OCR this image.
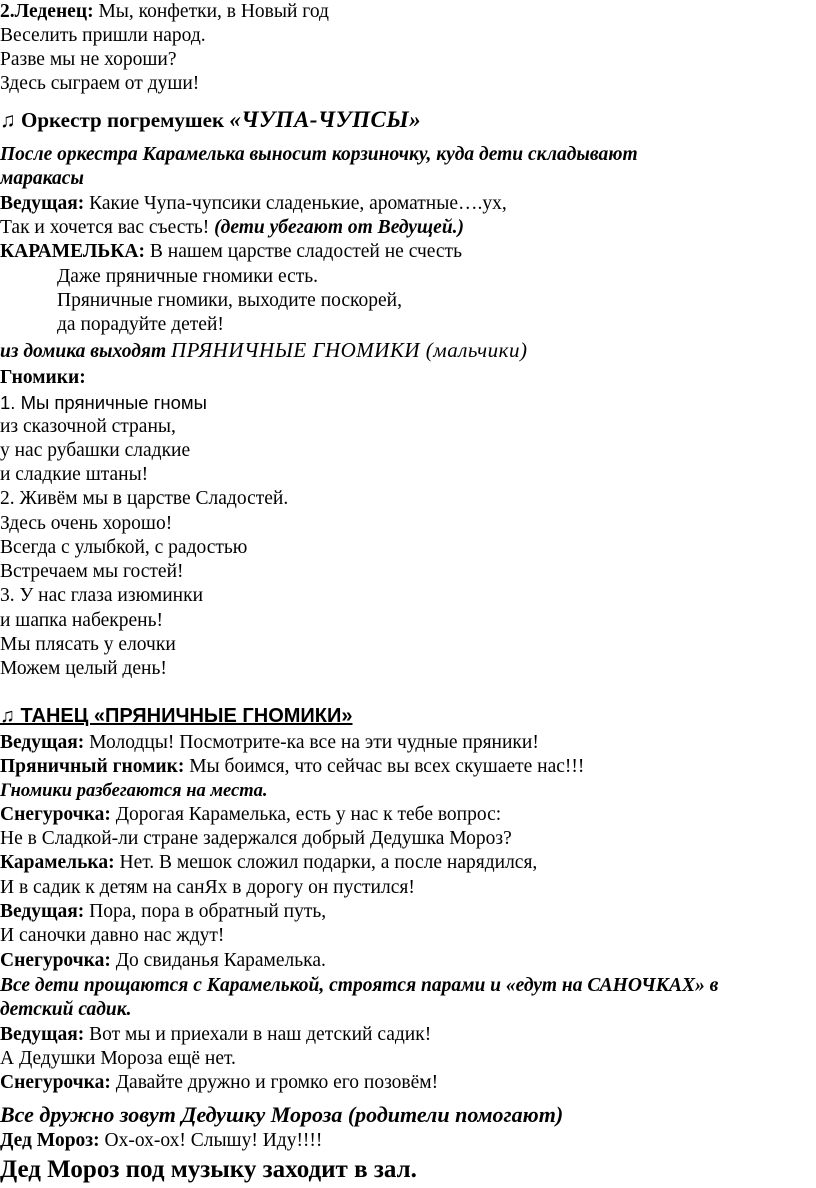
2.Леденец: Мы, конфетки, в Новый год
Веселить пришли народ.
Разве мы не хороши?
Здесь сыграем от души!
♫ Оркестр погремушек «ЧУПА-ЧУПСЫ»
После оркестра Карамелька выносит корзиночку, куда дети складывают
маракасы
Ведущая: Какие Чупа-чупсики сладенькие, ароматные….ух,
Так и хочется вас съесть! (дети убегают от Ведущей.)
КАРАМЕЛЬКА: В нашем царстве сладостей не счесть
Даже пряничные гномики есть.
Пряничные гномики, выходите поскорей,
да порадуйте детей!
из домика выходят ПРЯНИЧНЫЕ ГНОМИКИ (мальчики)
Гномики:
1. Мы пряничные гномы
из сказочной страны,
у нас рубашки сладкие
и сладкие штаны!
2. Живём мы в царстве Сладостей.
Здесь очень хорошо!
Всегда с улыбкой, с радостью
Встречаем мы гостей!
3. У нас глаза изюминки
и шапка набекрень!
Мы плясать у елочки
Можем целый день!
♫ ТАНЕЦ «ПРЯНИЧНЫЕ ГНОМИКИ»
Ведущая: Молодцы! Посмотрите-ка все на эти чудные пряники!
Пряничный гномик: Мы боимся, что сейчас вы всех скушаете нас!!!
Гномики разбегаются на места.
Снегурочка: Дорогая Карамелька, есть у нас к тебе вопрос:
Не в Сладкой-ли стране задержался добрый Дедушка Мороз?
Карамелька: Нет. В мешок сложил подарки, а после нарядился,
И в садик к детям на санЯх в дорогу он пустился!
Ведущая: Пора, пора в обратный путь,
И саночки давно нас ждут!
Снегурочка: До свиданья Карамелька.
Все дети прощаются с Карамелькой, строятся парами и «едут на САНОЧКАХ» в
детский садик.
Ведущая: Вот мы и приехали в наш детский садик!
А Дедушки Мороза ещё нет.
Снегурочка: Давайте дружно и громко его позовём!
Все дружно зовут Дедушку Мороза (родители помогают)
Дед Мороз: Ох-ох-ох! Слышу! Иду!!!!
Дед Мороз под музыку заходит в зал.
